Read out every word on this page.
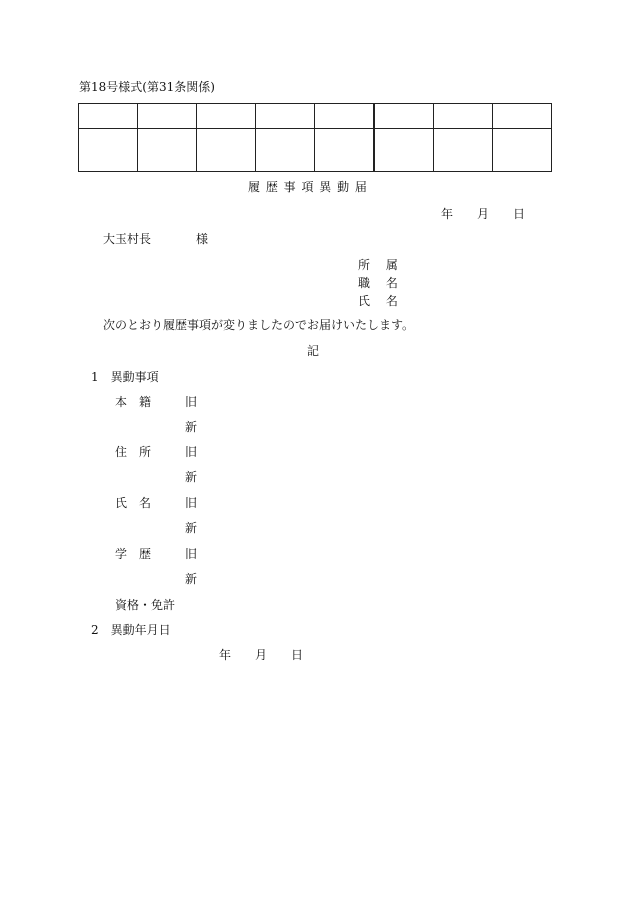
第18号様式(第31条関係)

履 歴 事 項 異 動 届
年 月 日
大玉村長	様
所 属
職 名
氏 名
次のとおり履歴事項が変りましたのでお届けいたします。
記
1　異動事項
本　籍	旧
新
住　所	旧
新
氏　名	旧
新
学　歴	旧
新
資格・免許
2　異動年月日
年 月 日
